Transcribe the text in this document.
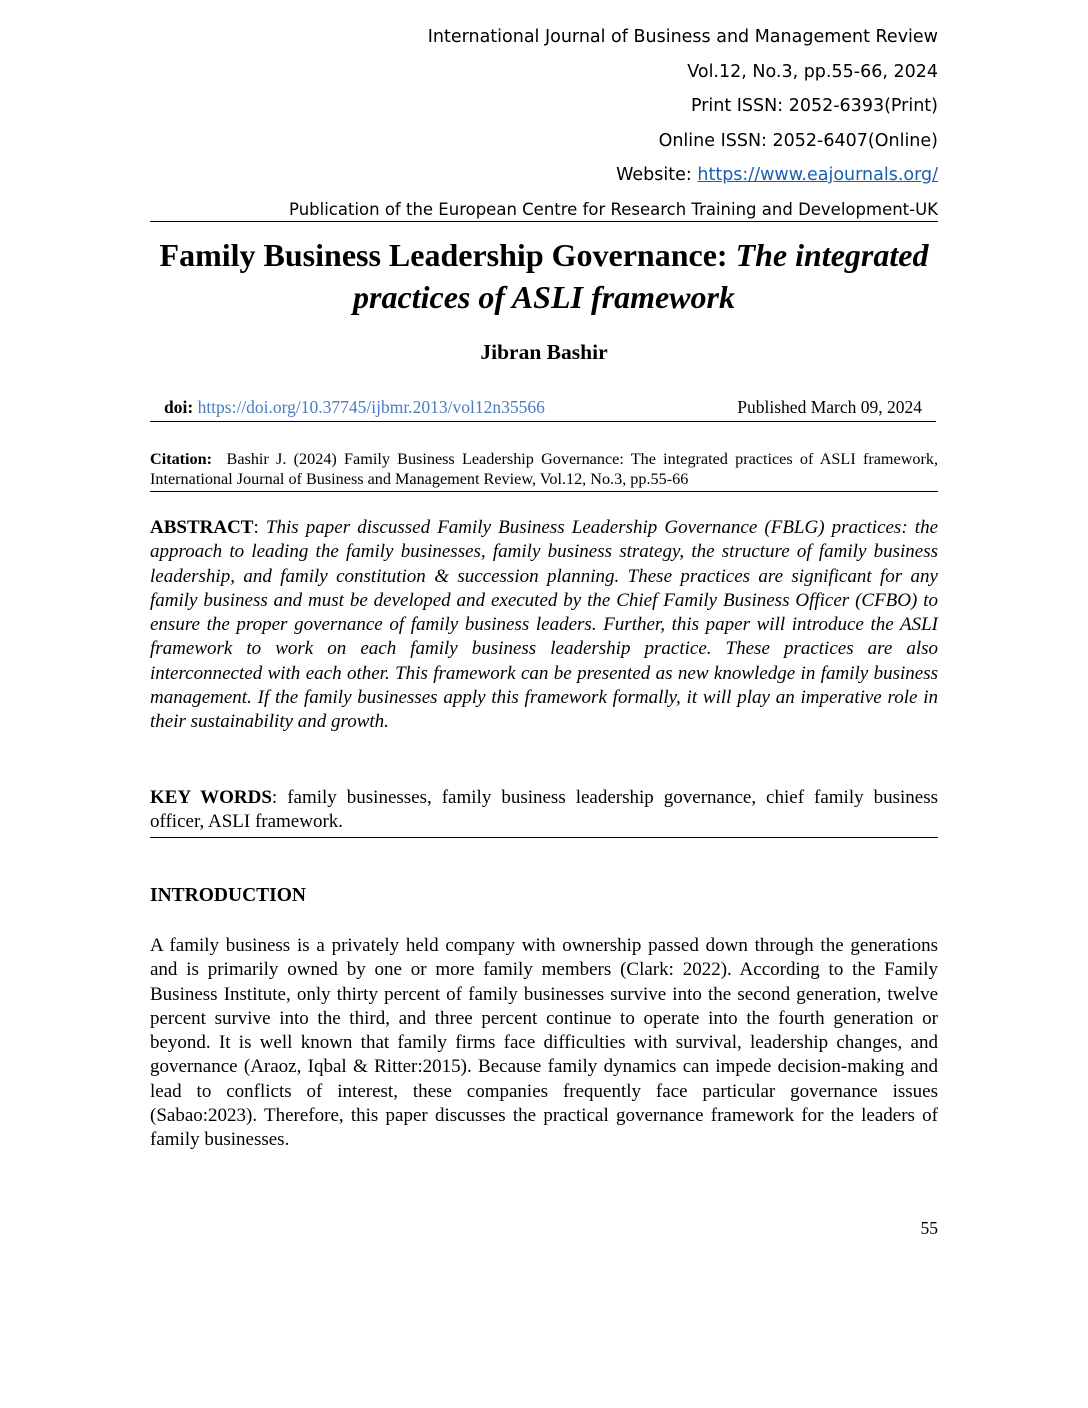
International Journal of Business and Management Review
Vol.12, No.3, pp.55-66, 2024
Print ISSN: 2052-6393(Print)
Online ISSN: 2052-6407(Online)
Website: https://www.eajournals.org/
Publication of the European Centre for Research Training and Development-UK
Family Business Leadership Governance: The integrated practices of ASLI framework
Jibran Bashir
doi: https://doi.org/10.37745/ijbmr.2013/vol12n35566	Published March 09, 2024
Citation: Bashir J. (2024) Family Business Leadership Governance: The integrated practices of ASLI framework, International Journal of Business and Management Review, Vol.12, No.3, pp.55-66
ABSTRACT: This paper discussed Family Business Leadership Governance (FBLG) practices: the approach to leading the family businesses, family business strategy, the structure of family business leadership, and family constitution & succession planning. These practices are significant for any family business and must be developed and executed by the Chief Family Business Officer (CFBO) to ensure the proper governance of family business leaders. Further, this paper will introduce the ASLI framework to work on each family business leadership practice. These practices are also interconnected with each other. This framework can be presented as new knowledge in family business management. If the family businesses apply this framework formally, it will play an imperative role in their sustainability and growth.
KEY WORDS: family businesses, family business leadership governance, chief family business officer, ASLI framework.
INTRODUCTION
A family business is a privately held company with ownership passed down through the generations and is primarily owned by one or more family members (Clark: 2022). According to the Family Business Institute, only thirty percent of family businesses survive into the second generation, twelve percent survive into the third, and three percent continue to operate into the fourth generation or beyond. It is well known that family firms face difficulties with survival, leadership changes, and governance (Araoz, Iqbal & Ritter:2015). Because family dynamics can impede decision-making and lead to conflicts of interest, these companies frequently face particular governance issues (Sabao:2023). Therefore, this paper discusses the practical governance framework for the leaders of family businesses.
55
